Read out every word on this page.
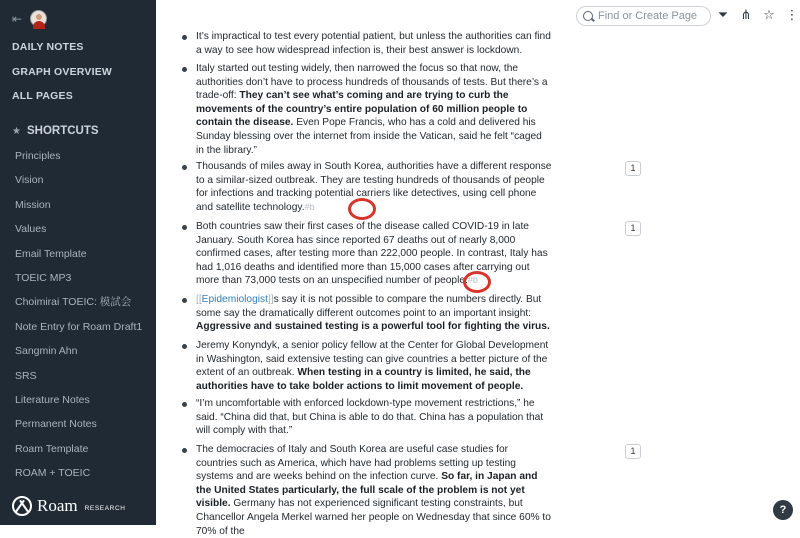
⇤
DAILY NOTES
GRAPH OVERVIEW
ALL PAGES
★ SHORTCUTS
Principles
Vision
Mission
Values
Email Template
TOEIC MP3
Choimirai TOEIC: 模試会
Note Entry for Roam Draft1
Sangmin Ahn
SRS
Literature Notes
Permanent Notes
Roam Template
ROAM + TOEIC
Roam RESEARCH
Find or Create Page ⏷ ⋔ ☆ ⋮
It’s impractical to test every potential patient, but unless the authorities can find a way to see how widespread infection is, their best answer is lockdown.
Italy started out testing widely, then narrowed the focus so that now, the authorities don’t have to process hundreds of thousands of tests. But there’s a trade-off: They can’t see what’s coming and are trying to curb the movements of the country’s entire population of 60 million people to contain the disease. Even Pope Francis, who has a cold and delivered his Sunday blessing over the internet from inside the Vatican, said he felt “caged in the library.”
Thousands of miles away in South Korea, authorities have a different response to a similar-sized outbreak. They are testing hundreds of thousands of people for infections and tracking potential carriers like detectives, using cell phone and satellite technology.#b
1
Both countries saw their first cases of the disease called COVID-19 in late January. South Korea has since reported 67 deaths out of nearly 8,000 confirmed cases, after testing more than 222,000 people. In contrast, Italy has had 1,016 deaths and identified more than 15,000 cases after carrying out more than 73,000 tests on an unspecified number of people.#b
1
[[Epidemiologist]]s say it is not possible to compare the numbers directly. But some say the dramatically different outcomes point to an important insight: Aggressive and sustained testing is a powerful tool for fighting the virus.
Jeremy Konyndyk, a senior policy fellow at the Center for Global Development in Washington, said extensive testing can give countries a better picture of the extent of an outbreak. When testing in a country is limited, he said, the authorities have to take bolder actions to limit movement of people.
“I’m uncomfortable with enforced lockdown-type movement restrictions,” he said. “China did that, but China is able to do that. China has a population that will comply with that.”
The democracies of Italy and South Korea are useful case studies for countries such as America, which have had problems setting up testing systems and are weeks behind on the infection curve. So far, in Japan and the United States particularly, the full scale of the problem is not yet visible. Germany has not experienced significant testing constraints, but Chancellor Angela Merkel warned her people on Wednesday that since 60% to 70% of the
1
?
